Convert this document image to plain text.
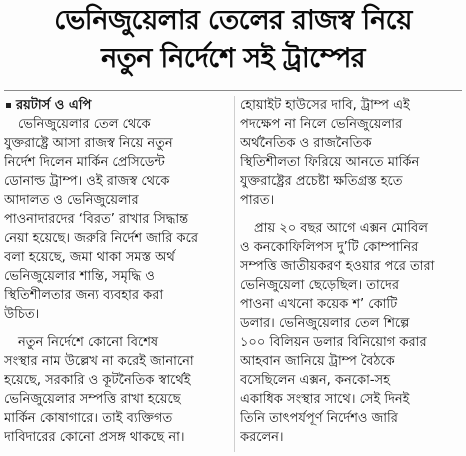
ভেনিজুয়েলার তেলের রাজস্ব নিয়ে
নতুন নির্দেশে সই ট্রাম্পের
রয়টার্স ও এপি
ভেনিজুয়েলার তেল থেকে
যুক্তরাষ্ট্রে আসা রাজস্ব নিয়ে নতুন
নির্দেশ দিলেন মার্কিন প্রেসিডেন্ট
ডোনাল্ড ট্রাম্প। ওই রাজস্ব থেকে
আদালত ও ভেনিজুয়েলার
পাওনাদারদের ‘বিরত’ রাখার সিদ্ধান্ত
নেয়া হয়েছে। জরুরি নির্দেশ জারি করে
বলা হয়েছে, জমা থাকা সমস্ত অর্থ
ভেনিজুয়েলার শান্তি, সমৃদ্ধি ও
স্থিতিশীলতার জন্য ব্যবহার করা
উচিত।
নতুন নির্দেশে কোনো বিশেষ
সংস্থার নাম উল্লেখ না করেই জানানো
হয়েছে, সরকারি ও কূটনৈতিক স্বার্থেই
ভেনিজুয়েলার সম্পত্তি রাখা হয়েছে
মার্কিন কোষাগারে। তাই ব্যক্তিগত
দাবিদারের কোনো প্রসঙ্গ থাকছে না।
হোয়াইট হাউসের দাবি, ট্রাম্প এই
পদক্ষেপ না নিলে ভেনিজুয়েলার
অর্থনৈতিক ও রাজনৈতিক
স্থিতিশীলতা ফিরিয়ে আনতে মার্কিন
যুক্তরাষ্ট্রের প্রচেষ্টা ক্ষতিগ্রস্ত হতে
পারত।
প্রায় ২০ বছর আগে এক্সন মোবিল
ও কনকোফিলিপস দু’টি কোম্পানির
সম্পত্তি জাতীয়করণ হওয়ার পরে তারা
ভেনিজুয়েলা ছেড়েছিল। তাদের
পাওনা এখনো কয়েক শ’ কোটি
ডলার। ভেনিজুয়েলার তেল শিল্পে
১০০ বিলিয়ন ডলার বিনিয়োগ করার
আহবান জানিয়ে ট্রাম্প বৈঠকে
বসেছিলেন এক্সন, কনকো-সহ
একাধিক সংস্থার সাথে। সেই দিনই
তিনি তাৎপর্যপূর্ণ নির্দেশও জারি
করলেন।
